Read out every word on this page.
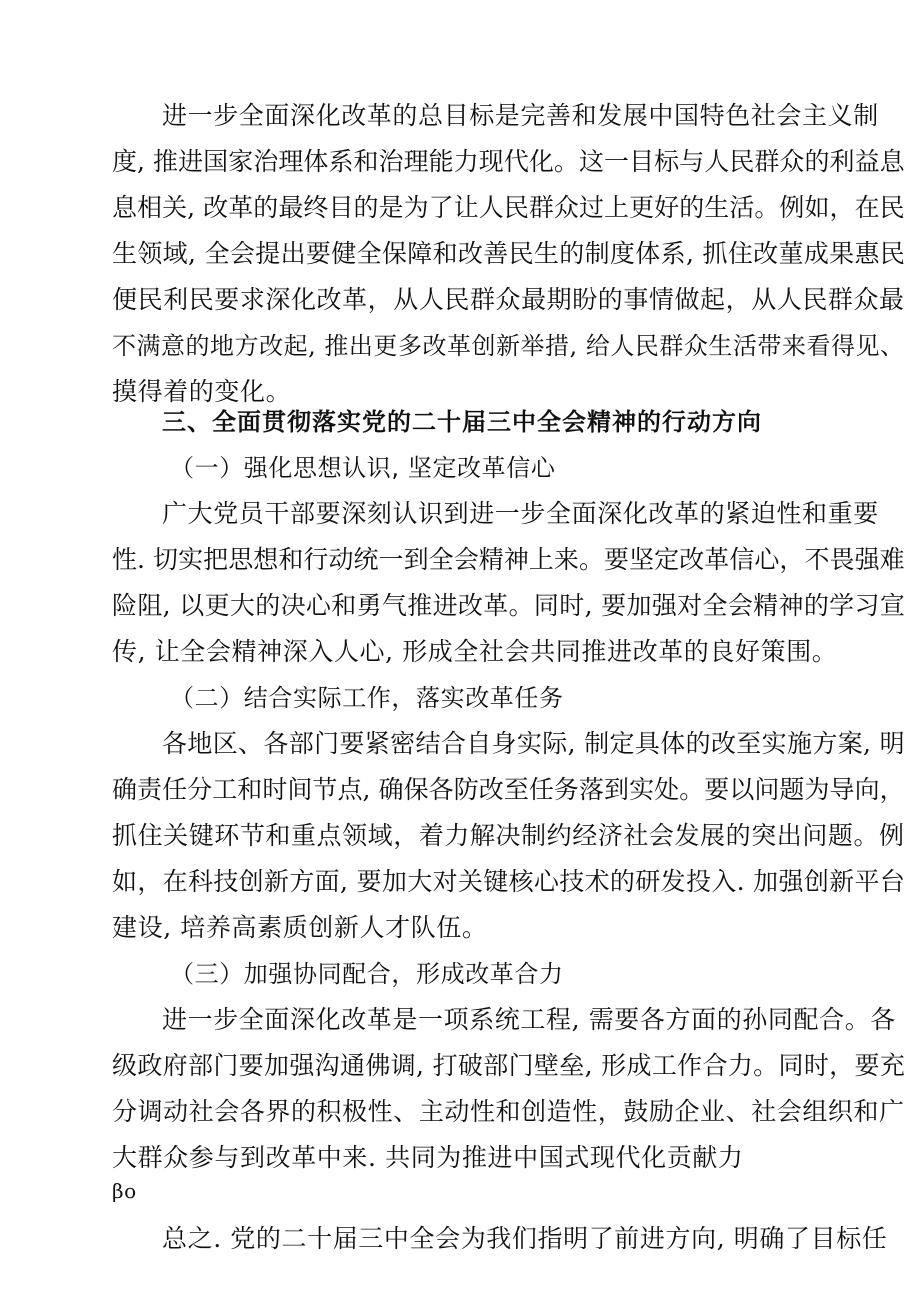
进一步全面深化改革的总目标是完善和发展中国特色社会主义制
度, 推进国家治理体系和治理能力现代化。这一目标与人民群众的利益息
息相关, 改革的最终目的是为了让人民群众过上更好的生活。例如，在民
生领域, 全会提出要健全保障和改善民生的制度体系, 抓住改菫成果惠民
便民利民要求深化改革，从人民群众最期盼的事情做起，从人民群众最
不满意的地方改起, 推出更多改革创新举措, 给人民群众生活带来看得见、
摸得着的变化。
三、全面贯彻落实党的二十届三中全会精神的行动方向
（一）强化思想认识, 坚定改革信心
广大党员干部要深刻认识到进一步全面深化改革的紧迫性和重要
性. 切实把思想和行动统一到全会精神上来。要坚定改革信心，不畏强难
险阻, 以更大的决心和勇气推进改革。同时, 要加强对全会精神的学习宣
传, 让全会精神深入人心, 形成全社会共同推进改革的良好策围。
（二）结合实际工作，落实改革任务
各地区、各部门要紧密结合自身实际, 制定具体的改至实施方案, 明
确责任分工和时间节点, 确保各防改至任务落到实处。要以问题为导向，
抓住关键环节和重点领域，着力解决制约经济社会发展的突出问题。例
如，在科技创新方面, 要加大对关键核心技术的研发投入. 加强创新平台
建设, 培养高素质创新人才队伍。
（三）加强协同配合，形成改革合力
进一步全面深化改革是一项系统工程, 需要各方面的孙同配合。各
级政府部门要加强沟通佛调, 打破部门壁垒, 形成工作合力。同时，要充
分调动社会各界的积极性、主动性和创造性，鼓励企业、社会组织和广
大群众参与到改革中来. 共同为推进中国式现代化贡献力
βo
总之. 党的二十届三中全会为我们指明了前进方向, 明确了目标任
